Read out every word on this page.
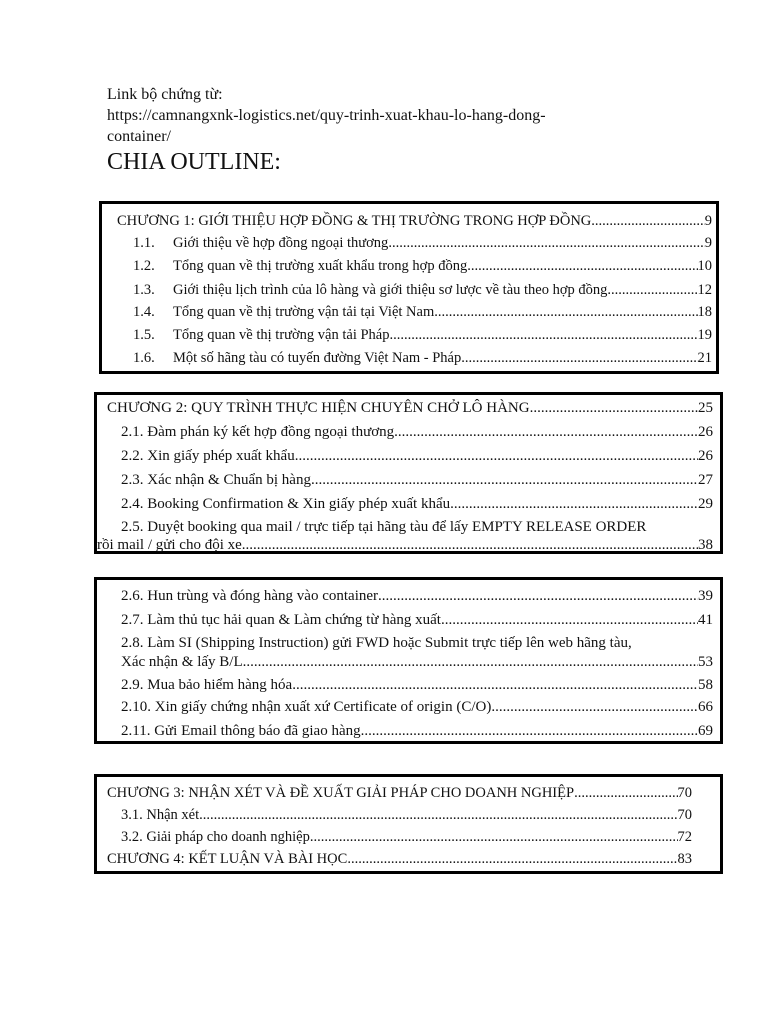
Link bộ chứng từ:
https://camnangxnk-logistics.net/quy-trinh-xuat-khau-lo-hang-dong-
container/
CHIA OUTLINE:
CHƯƠNG 1: GIỚI THIỆU HỢP ĐỒNG & THỊ TRƯỜNG TRONG HỢP ĐỒNG .....	9
1.1.	Giới thiệu về hợp đồng ngoại thương .....	9
1.2.	Tổng quan về thị trường xuất khẩu trong hợp đồng .....	10
1.3.	Giới thiệu lịch trình của lô hàng và giới thiệu sơ lược về tàu theo hợp đồng .....	12
1.4.	Tổng quan về thị trường vận tải tại Việt Nam .....	18
1.5.	Tổng quan về thị trường vận tải Pháp .....	19
1.6.	Một số hãng tàu có tuyến đường Việt Nam - Pháp .....	21
CHƯƠNG 2: QUY TRÌNH THỰC HIỆN CHUYÊN CHỞ LÔ HÀNG .....	25
2.1. Đàm phán ký kết hợp đồng ngoại thương .....	26
2.2. Xin giấy phép xuất khẩu .....	26
2.3. Xác nhận & Chuẩn bị hàng .....	27
2.4. Booking Confirmation & Xin giấy phép xuất khẩu .....	29
2.5. Duyệt booking qua mail / trực tiếp tại hãng tàu để lấy EMPTY RELEASE ORDER
rồi mail / gửi cho đội xe .....	38
2.6. Hun trùng và đóng hàng vào container .....	39
2.7. Làm thủ tục hải quan & Làm chứng từ hàng xuất .....	41
2.8. Làm SI (Shipping Instruction) gửi FWD hoặc Submit trực tiếp lên web hãng tàu,
Xác nhận & lấy B/L .....	53
2.9. Mua bảo hiểm hàng hóa .....	58
2.10. Xin giấy chứng nhận xuất xứ Certificate of origin (C/O) .....	66
2.11. Gửi Email thông báo đã giao hàng .....	69
CHƯƠNG 3: NHẬN XÉT VÀ ĐỀ XUẤT GIẢI PHÁP CHO DOANH NGHIỆP .....	70
3.1. Nhận xét .....	70
3.2. Giải pháp cho doanh nghiệp .....	72
CHƯƠNG 4: KẾT LUẬN VÀ BÀI HỌC .....	83
